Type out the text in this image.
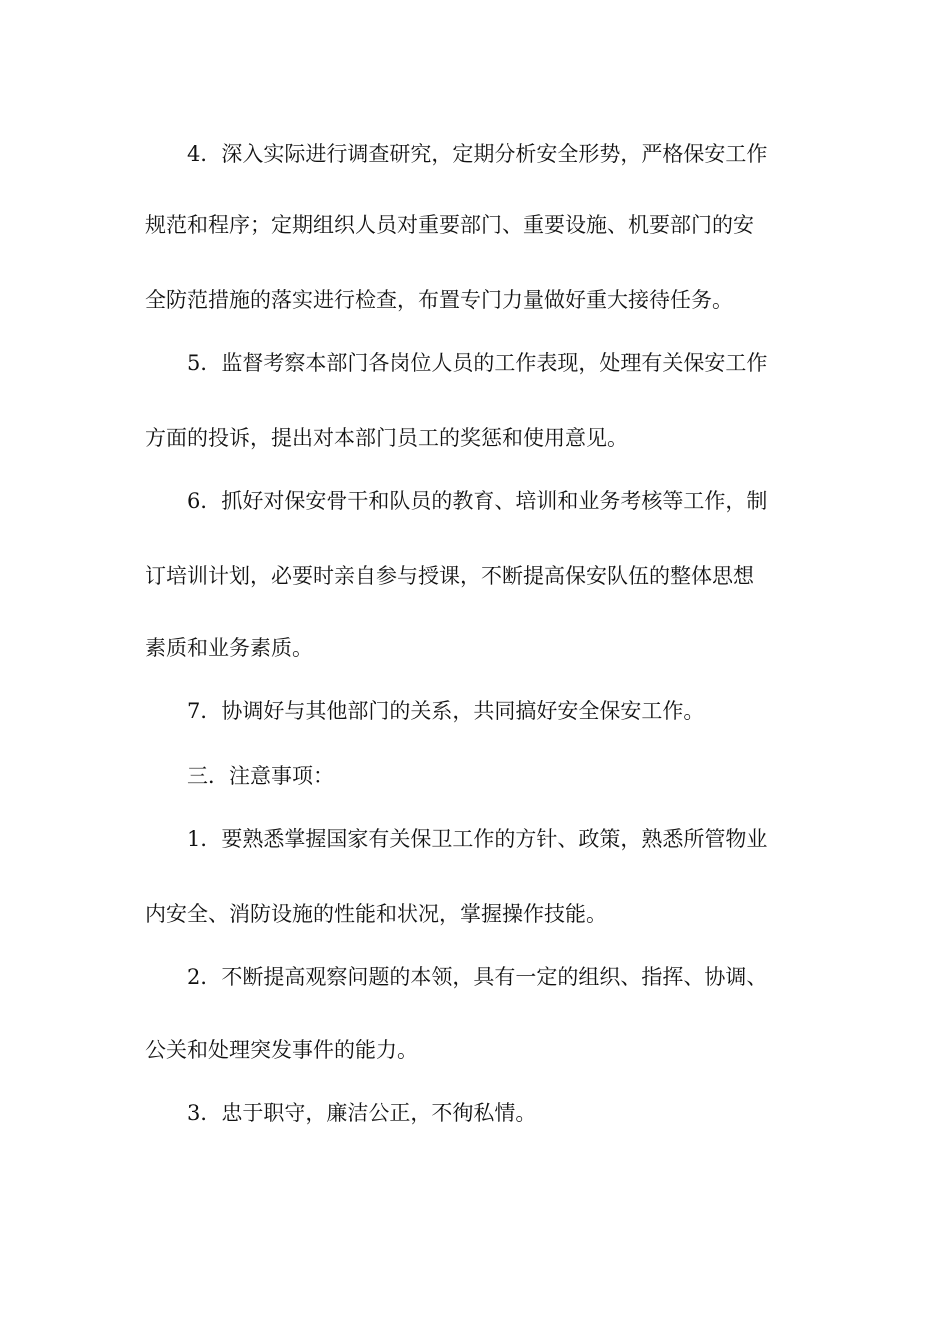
4．深入实际进行调查研究，定期分析安全形势，严格保安工作
规范和程序；定期组织人员对重要部门、重要设施、机要部门的安
全防范措施的落实进行检查，布置专门力量做好重大接待任务。
5．监督考察本部门各岗位人员的工作表现，处理有关保安工作
方面的投诉，提出对本部门员工的奖惩和使用意见。
6．抓好对保安骨干和队员的教育、培训和业务考核等工作，制
订培训计划，必要时亲自参与授课，不断提高保安队伍的整体思想
素质和业务素质。
7．协调好与其他部门的关系，共同搞好安全保安工作。
三．注意事项：
1．要熟悉掌握国家有关保卫工作的方针、政策，熟悉所管物业
内安全、消防设施的性能和状况，掌握操作技能。
2．不断提高观察问题的本领，具有一定的组织、指挥、协调、
公关和处理突发事件的能力。
3．忠于职守，廉洁公正，不徇私情。
